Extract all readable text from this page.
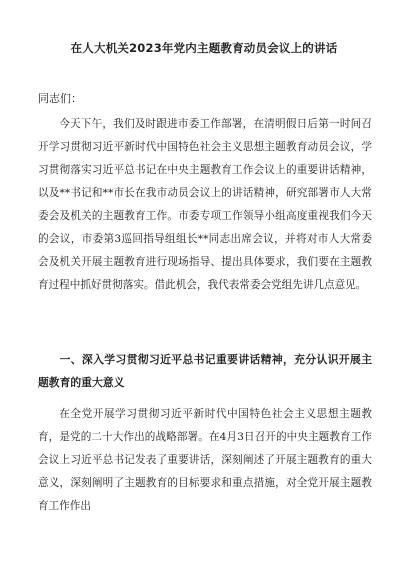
在人大机关2023年党内主题教育动员会议上的讲话
同志们：

今天下午，我们及时跟进市委工作部署，在清明假日后第一时间召开学习贯彻习近平新时代中国特色社会主义思想主题教育动员会议，学习贯彻落实习近平总书记在中央主题教育工作会议上的重要讲话精神，以及**书记和**市长在我市动员会议上的讲话精神，研究部署市人大常委会及机关的主题教育工作。市委专项工作领导小组高度重视我们今天的会议，市委第3巡回指导组组长**同志出席会议，并将对市人大常委会及机关开展主题教育进行现场指导、提出具体要求，我们要在主题教育过程中抓好贯彻落实。借此机会，我代表常委会党组先讲几点意见。

一、深入学习贯彻习近平总书记重要讲话精神，充分认识开展主题教育的重大意义

在全党开展学习贯彻习近平新时代中国特色社会主义思想主题教育，是党的二十大作出的战略部署。在4月3日召开的中央主题教育工作会议上习近平总书记发表了重要讲话，深刻阐述了开展主题教育的重大意义，深刻阐明了主题教育的目标要求和重点措施，对全党开展主题教育工作作出
